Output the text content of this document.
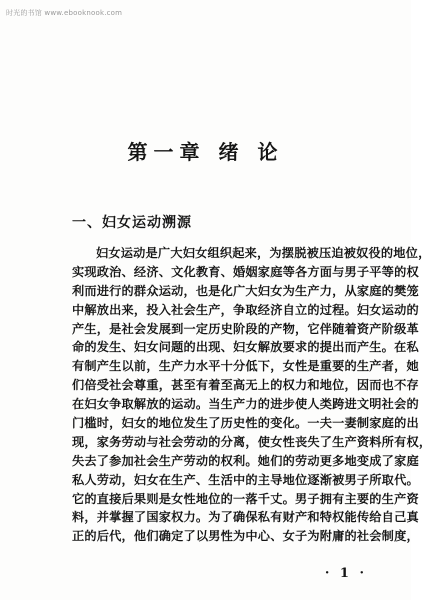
时光的书馆 www.ebooknook.com
第一章 绪 论
一、妇女运动溯源
妇女运动是广大妇女组织起来，为摆脱被压迫被奴役的地位，
实现政治、经济、文化教育、婚姻家庭等各方面与男子平等的权
利而进行的群众运动，也是化广大妇女为生产力，从家庭的樊笼
中解放出来，投入社会生产，争取经济自立的过程。妇女运动的
产生，是社会发展到一定历史阶段的产物，它伴随着资产阶级革
命的发生、妇女问题的出现、妇女解放要求的提出而产生。在私
有制产生以前，生产力水平十分低下，女性是重要的生产者，她
们倍受社会尊重，甚至有着至高无上的权力和地位，因而也不存
在妇女争取解放的运动。当生产力的进步使人类跨进文明社会的
门槛时，妇女的地位发生了历史性的变化。一夫一妻制家庭的出
现，家务劳动与社会劳动的分离，使女性丧失了生产资料所有权，
失去了参加社会生产劳动的权利。她们的劳动更多地变成了家庭
私人劳动，妇女在生产、生活中的主导地位逐渐被男子所取代。
它的直接后果则是女性地位的一落千丈。男子拥有主要的生产资
料，并掌握了国家权力。为了确保私有财产和特权能传给自己真
正的后代，他们确定了以男性为中心、女子为附庸的社会制度，
· 1 ·
